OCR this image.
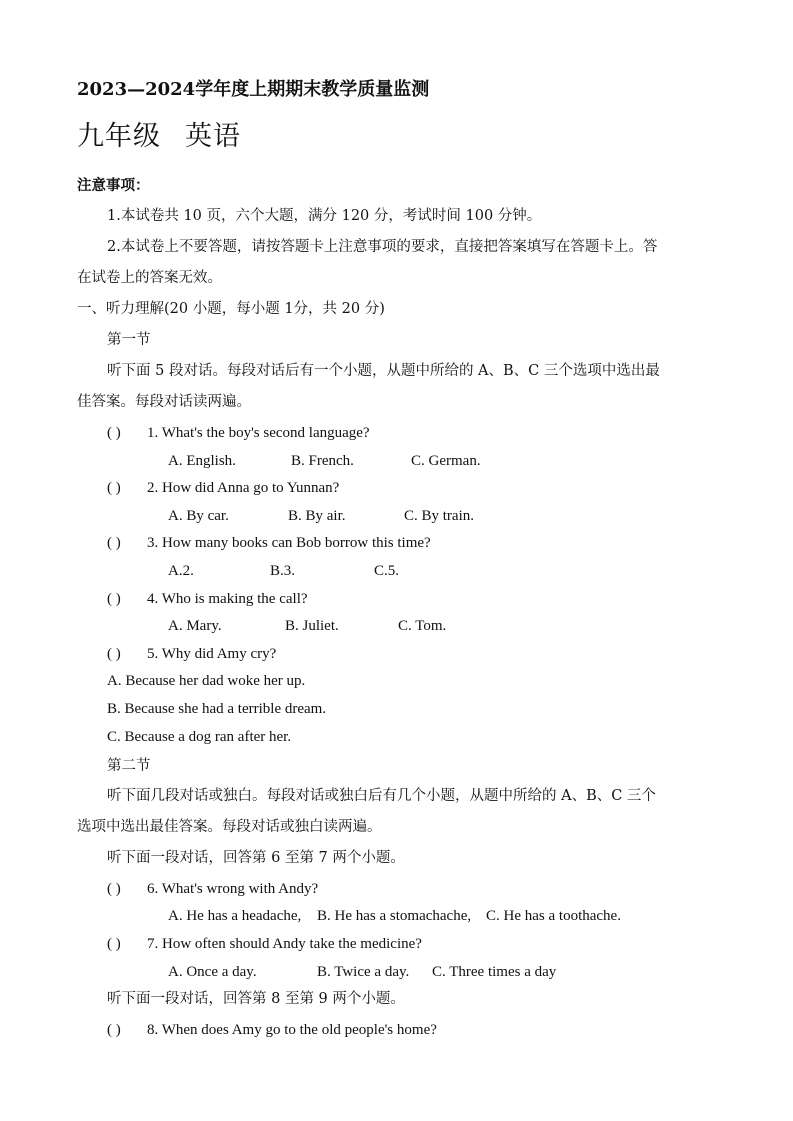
2023—2024学年度上期期末教学质量监测
九年级 英语
注意事项：
1.本试卷共 10 页，六个大题，满分 120 分，考试时间 100 分钟。
2.本试卷上不要答题，请按答题卡上注意事项的要求，直接把答案填写在答题卡上。答
在试卷上的答案无效。
一、听力理解(20 小题，每小题 1分，共 20 分)
第一节
听下面 5 段对话。每段对话后有一个小题，从题中所给的 A、B、C 三个选项中选出最
佳答案。每段对话读两遍。
( ) 1. What's the boy's second language?
A. English.	B. French.	C. German.
( ) 2. How did Anna go to Yunnan?
A. By car.	B. By air.	C. By train.
( ) 3. How many books can Bob borrow this time?
A.2.	B.3.	C.5.
( ) 4. Who is making the call?
A. Mary.	B. Juliet.	C. Tom.
( ) 5. Why did Amy cry?
A. Because her dad woke her up.
B. Because she had a terrible dream.
C. Because a dog ran after her.
第二节
听下面几段对话或独白。每段对话或独白后有几个小题，从题中所给的 A、B、C 三个
选项中选出最佳答案。每段对话或独白读两遍。
听下面一段对话，回答第 6 至第 7 两个小题。
( ) 6. What's wrong with Andy?
A. He has a headache, B. He has a stomachache, C. He has a toothache.
( ) 7. How often should Andy take the medicine?
A. Once a day.	B. Twice a day. C. Three times a day
听下面一段对话，回答第 8 至第 9 两个小题。
( ) 8. When does Amy go to the old people's home?
